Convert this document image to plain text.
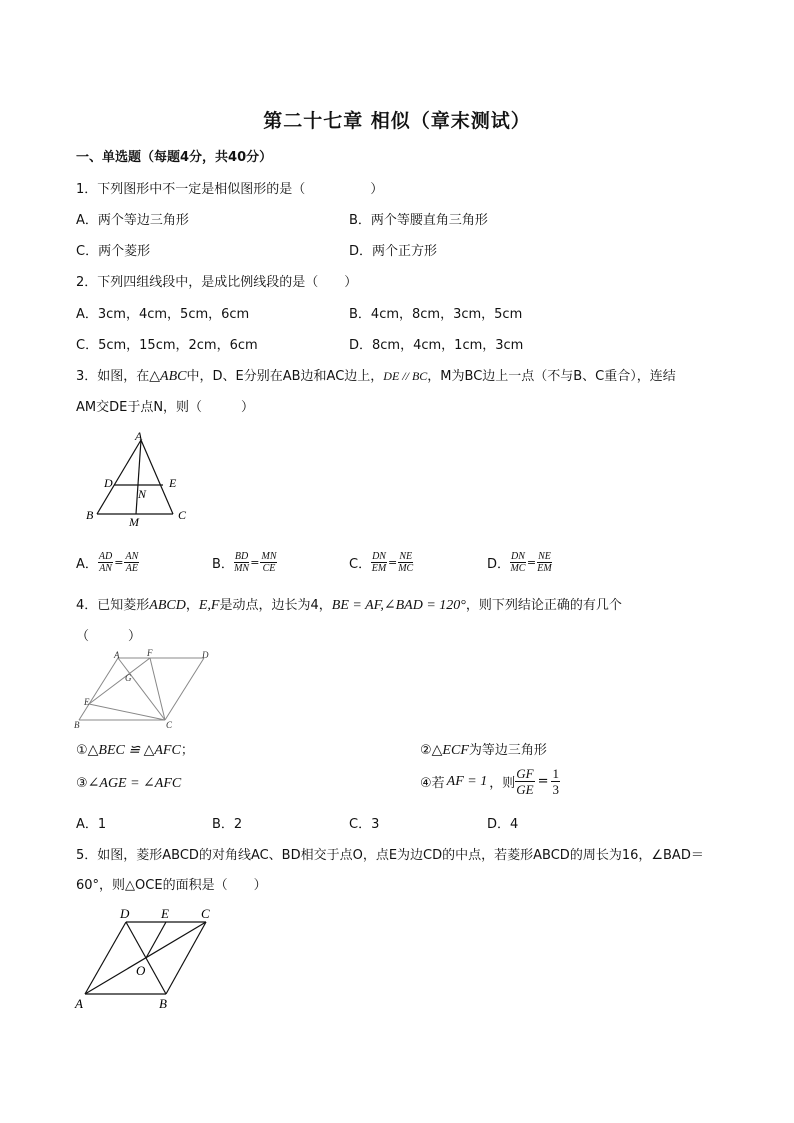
第二十七章 相似（章末测试）
一、单选题（每题4分，共40分）
1．下列图形中不一定是相似图形的是（　　　　　）
A．两个等边三角形	B．两个等腰直角三角形
C．两个菱形	D．两个正方形
2．下列四组线段中，是成比例线段的是（　　）
A．3cm，4cm，5cm，6cm	B．4cm，8cm，3cm，5cm
C．5cm，15cm，2cm，6cm	D．8cm，4cm，1cm，3cm
3．如图，在△ABC中，D、E分别在AB边和AC边上，DE // BC，M为BC边上一点（不与B、C重合），连结
AM交DE于点N，则（　　　）
A
B	C
D	E
M
N
A． $\frac{AD}{AN} = \frac{AN}{AE}$	B． $\frac{BD}{MN} = \frac{MN}{CE}$	C． $\frac{DN}{EM} = \frac{NE}{MC}$	D． $\frac{DN}{MC} = \frac{NE}{EM}$
4．已知菱形ABCD，E,F是动点，边长为4，BE = AF,∠BAD = 120°，则下列结论正确的有几个
（　　　）
A
B	C
D
E
F
G
①△BEC ≌ △AFC；	②△ECF为等边三角形
③∠AGE = ∠AFC	④若 AF = 1 ，则 $\frac{GF}{GE} = \frac{1}{3}$
A．1	B．2	C．3	D．4
5．如图，菱形ABCD的对角线AC、BD相交于点O，点E为边CD的中点，若菱形ABCD的周长为16，∠BAD＝
60°，则△OCE的面积是（　　）
D E C
O
A	B
